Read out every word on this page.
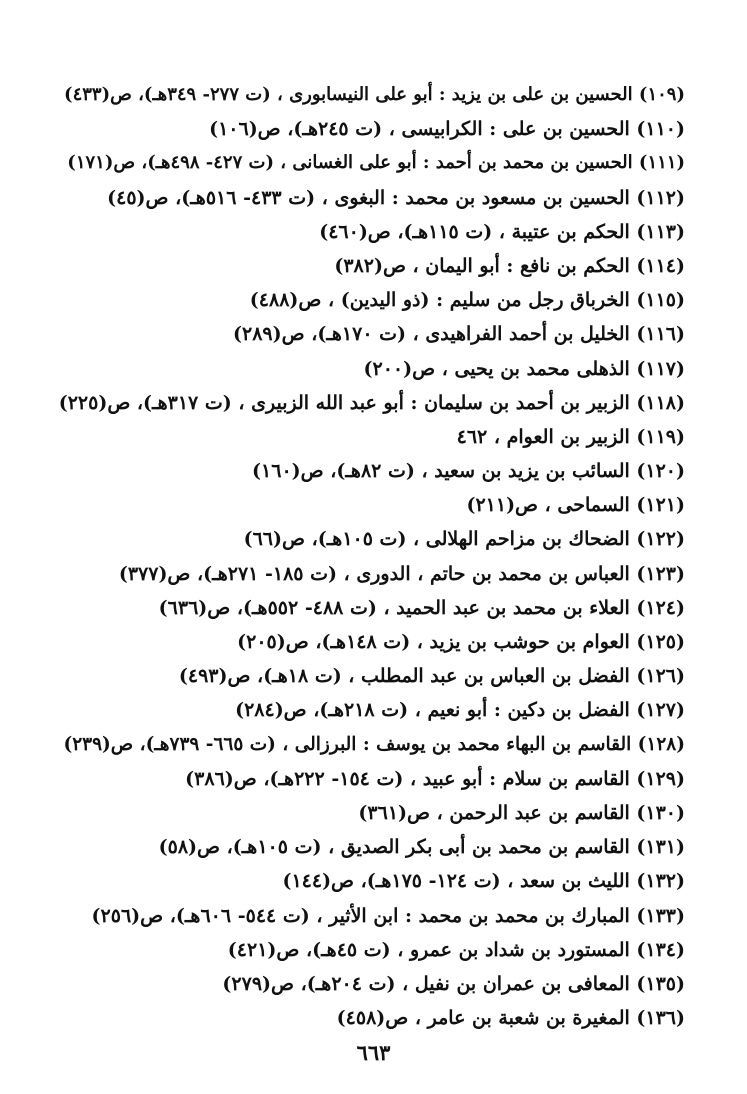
(١٠٩) الحسين بن على بن يزيد : أبو على النيسابورى ، (ت ٢٧٧- ٣٤٩هـ)، ص(٤٣٣)
(١١٠) الحسين بن على : الكرابيسى ، (ت ٢٤٥هـ)، ص(١٠٦)
(١١١) الحسين بن محمد بن أحمد : أبو على الغسانى ، (ت ٤٢٧- ٤٩٨هـ)، ص(١٧١)
(١١٢) الحسين بن مسعود بن محمد : البغوى ، (ت ٤٣٣- ٥١٦هـ)، ص(٤٥)
(١١٣) الحكم بن عتيبة ، (ت ١١٥هـ)، ص(٤٦٠)
(١١٤) الحكم بن نافع : أبو اليمان ، ص(٣٨٢)
(١١٥) الخرباق رجل من سليم : (ذو اليدين) ، ص(٤٨٨)
(١١٦) الخليل بن أحمد الفراهيدى ، (ت ١٧٠هـ)، ص(٢٨٩)
(١١٧) الذهلى محمد بن يحيى ، ص(٢٠٠)
(١١٨) الزبير بن أحمد بن سليمان : أبو عبد الله الزبيرى ، (ت ٣١٧هـ)، ص(٢٢٥)
(١١٩) الزبير بن العوام ، ٤٦٢
(١٢٠) السائب بن يزيد بن سعيد ، (ت ٨٢هـ)، ص(١٦٠)
(١٢١) السماحى ، ص(٢١١)
(١٢٢) الضحاك بن مزاحم الهلالى ، (ت ١٠٥هـ)، ص(٦٦)
(١٢٣) العباس بن محمد بن حاتم ، الدورى ، (ت ١٨٥- ٢٧١هـ)، ص(٣٧٧)
(١٢٤) العلاء بن محمد بن عبد الحميد ، (ت ٤٨٨- ٥٥٢هـ)، ص(٦٣٦)
(١٢٥) العوام بن حوشب بن يزيد ، (ت ١٤٨هـ)، ص(٢٠٥)
(١٢٦) الفضل بن العباس بن عبد المطلب ، (ت ١٨هـ)، ص(٤٩٣)
(١٢٧) الفضل بن دكين : أبو نعيم ، (ت ٢١٨هـ)، ص(٢٨٤)
(١٢٨) القاسم بن البهاء محمد بن يوسف : البرزالى ، (ت ٦٦٥- ٧٣٩هـ)، ص(٢٣٩)
(١٢٩) القاسم بن سلام : أبو عبيد ، (ت ١٥٤- ٢٢٢هـ)، ص(٣٨٦)
(١٣٠) القاسم بن عبد الرحمن ، ص(٣٦١)
(١٣١) القاسم بن محمد بن أبى بكر الصديق ، (ت ١٠٥هـ)، ص(٥٨)
(١٣٢) الليث بن سعد ، (ت ١٢٤- ١٧٥هـ)، ص(١٤٤)
(١٣٣) المبارك بن محمد بن محمد : ابن الأثير ، (ت ٥٤٤- ٦٠٦هـ)، ص(٢٥٦)
(١٣٤) المستورد بن شداد بن عمرو ، (ت ٤٥هـ)، ص(٤٢١)
(١٣٥) المعافى بن عمران بن نفيل ، (ت ٢٠٤هـ)، ص(٢٧٩)
(١٣٦) المغيرة بن شعبة بن عامر ، ص(٤٥٨)
٦٦٣
